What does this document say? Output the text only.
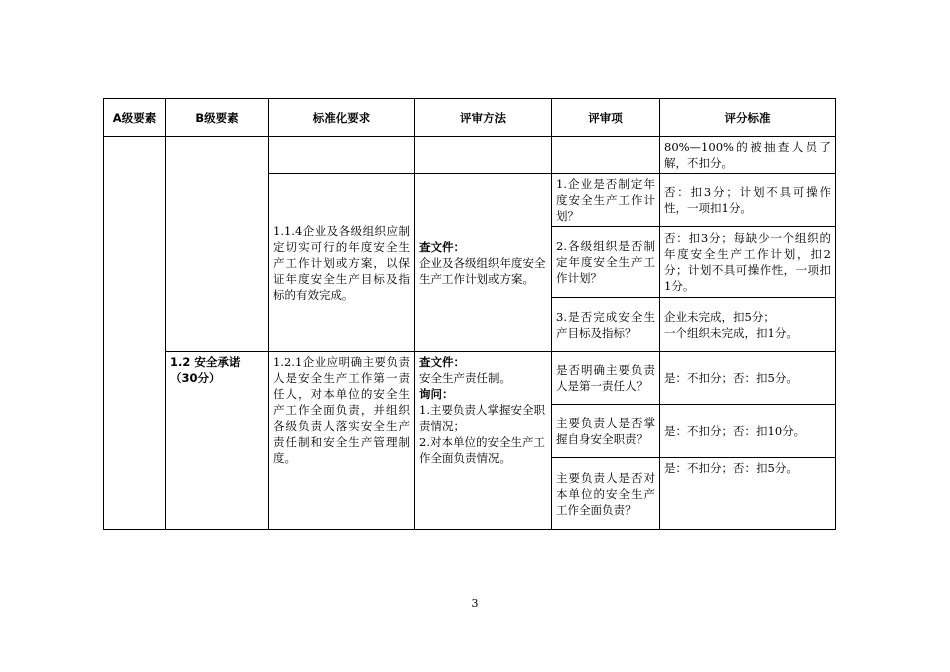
A级要素	B级要素	标准化要求	评审方法	评审项	评分标准
					80%—100%的被抽查人员了解，不扣分。
		1.1.4企业及各级组织应制定切实可行的年度安全生产工作计划或方案，以保证年度安全生产目标及指标的有效完成。	查文件：
企业及各级组织年度安全生产工作计划或方案。	1.企业是否制定年度安全生产工作计划？	否：扣3分；计划不具可操作性，一项扣1分。
				2.各级组织是否制定年度安全生产工作计划？	否：扣3分；每缺少一个组织的年度安全生产工作计划，扣2分；计划不具可操作性，一项扣1分。
				3.是否完成安全生产目标及指标？	企业未完成，扣5分；
一个组织未完成，扣1分。

	1.2 安全承诺（30分）	1.2.1企业应明确主要负责人是安全生产工作第一责任人，对本单位的安全生产工作全面负责，并组织各级负责人落实安全生产责任制和安全生产管理制度。	查文件：
安全生产责任制。
询问：
1.主要负责人掌握安全职责情况；
2.对本单位的安全生产工作全面负责情况。	是否明确主要负责人是第一责任人？	是：不扣分；否：扣5分。
				主要负责人是否掌握自身安全职责？	是：不扣分；否：扣10分。
				主要负责人是否对本单位的安全生产工作全面负责？	是：不扣分；否：扣5分。
3
